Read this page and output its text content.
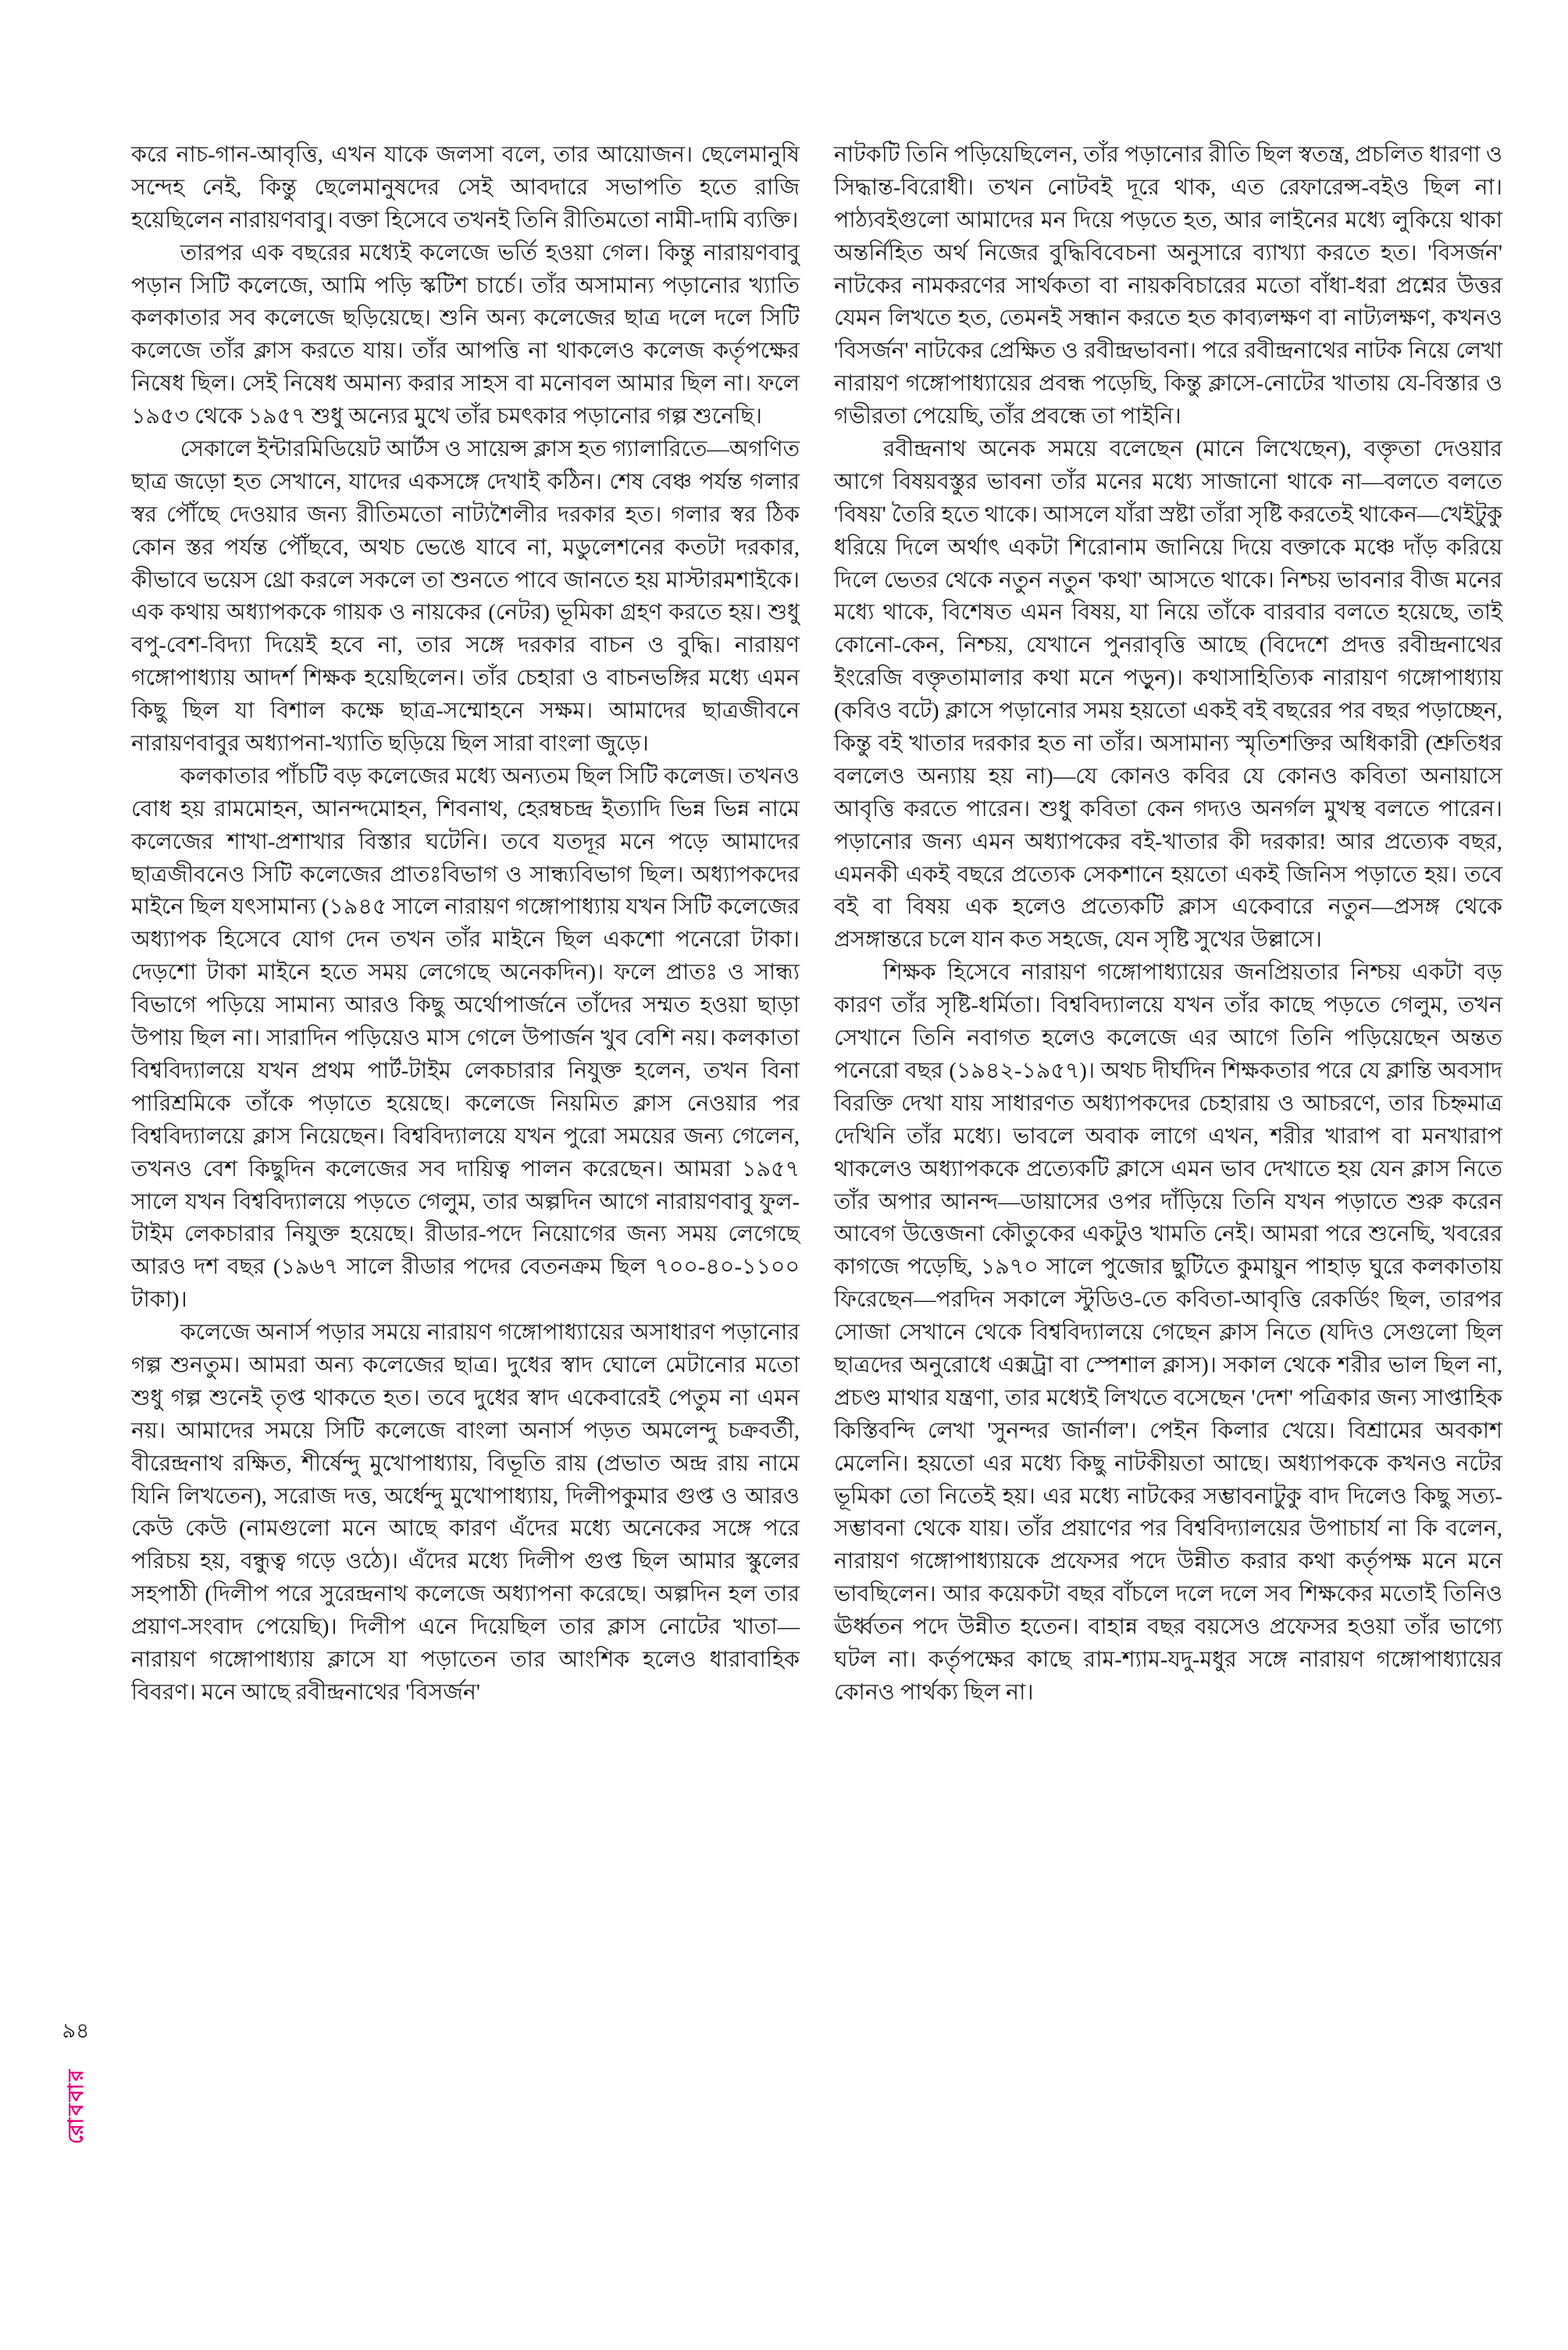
৯৪
রোববার

করে নাচ-গান-আবৃত্তি, এখন যাকে জলসা বলে, তার আয়োজন। ছেলেমানুষি সন্দেহ নেই, কিন্তু ছেলেমানুষদের সেই আবদারে সভাপতি হতে রাজি হয়েছিলেন নারায়ণবাবু। বক্তা হিসেবে তখনই তিনি রীতিমতো নামী-দামি ব্যক্তি।

তারপর এক বছরের মধ্যেই কলেজে ভর্তি হওয়া গেল। কিন্তু নারায়ণবাবু পড়ান সিটি কলেজে, আমি পড়ি স্কটিশ চার্চে। তাঁর অসামান্য পড়ানোর খ্যাতি কলকাতার সব কলেজে ছড়িয়েছে। শুনি অন্য কলেজের ছাত্র দলে দলে সিটি কলেজে তাঁর ক্লাস করতে যায়। তাঁর আপত্তি না থাকলেও কলেজ কর্তৃপক্ষের নিষেধ ছিল। সেই নিষেধ অমান্য করার সাহস বা মনোবল আমার ছিল না। ফলে ১৯৫৩ থেকে ১৯৫৭ শুধু অন্যের মুখে তাঁর চমৎকার পড়ানোর গল্প শুনেছি।

সেকালে ইন্টারমিডিয়েট আর্টস ও সায়েন্স ক্লাস হত গ্যালারিতে—অগণিত ছাত্র জড়ো হত সেখানে, যাদের একসঙ্গে দেখাই কঠিন। শেষ বেঞ্চ পর্যন্ত গলার স্বর পৌঁছে দেওয়ার জন্য রীতিমতো নাট্যশৈলীর দরকার হত। গলার স্বর ঠিক কোন স্তর পর্যন্ত পৌঁছবে, অথচ ভেঙে যাবে না, মডুলেশনের কতটা দরকার, কীভাবে ভয়েস থ্রো করলে সকলে তা শুনতে পাবে জানতে হয় মাস্টারমশাইকে। এক কথায় অধ্যাপককে গায়ক ও নায়কের (নেটর) ভূমিকা গ্রহণ করতে হয়। শুধু বপু-বেশ-বিদ্যা দিয়েই হবে না, তার সঙ্গে দরকার বাচন ও বুদ্ধি। নারায়ণ গঙ্গোপাধ্যায় আদর্শ শিক্ষক হয়েছিলেন। তাঁর চেহারা ও বাচনভঙ্গির মধ্যে এমন কিছু ছিল যা বিশাল কক্ষে ছাত্র-সম্মোহনে সক্ষম। আমাদের ছাত্রজীবনে নারায়ণবাবুর অধ্যাপনা-খ্যাতি ছড়িয়ে ছিল সারা বাংলা জুড়ে।

কলকাতার পাঁচটি বড় কলেজের মধ্যে অন্যতম ছিল সিটি কলেজ। তখনও বোধ হয় রামমোহন, আনন্দমোহন, শিবনাথ, হেরম্বচন্দ্র ইত্যাদি ভিন্ন ভিন্ন নামে কলেজের শাখা-প্রশাখার বিস্তার ঘটেনি। তবে যতদূর মনে পড়ে আমাদের ছাত্রজীবনেও সিটি কলেজের প্রাতঃবিভাগ ও সান্ধ্যবিভাগ ছিল। অধ্যাপকদের মাইনে ছিল যৎসামান্য (১৯৪৫ সালে নারায়ণ গঙ্গোপাধ্যায় যখন সিটি কলেজের অধ্যাপক হিসেবে যোগ দেন তখন তাঁর মাইনে ছিল একশো পনেরো টাকা। দেড়শো টাকা মাইনে হতে সময় লেগেছে অনেকদিন)। ফলে প্রাতঃ ও সান্ধ্য বিভাগে পড়িয়ে সামান্য আরও কিছু অর্থোপার্জনে তাঁদের সম্মত হওয়া ছাড়া উপায় ছিল না। সারাদিন পড়িয়েও মাস গেলে উপার্জন খুব বেশি নয়। কলকাতা বিশ্ববিদ্যালয়ে যখন প্রথম পার্ট-টাইম লেকচারার নিযুক্ত হলেন, তখন বিনা পারিশ্রমিকে তাঁকে পড়াতে হয়েছে। কলেজে নিয়মিত ক্লাস নেওয়ার পর বিশ্ববিদ্যালয়ে ক্লাস নিয়েছেন। বিশ্ববিদ্যালয়ে যখন পুরো সময়ের জন্য গেলেন, তখনও বেশ কিছুদিন কলেজের সব দায়িত্ব পালন করেছেন। আমরা ১৯৫৭ সালে যখন বিশ্ববিদ্যালয়ে পড়তে গেলুম, তার অল্পদিন আগে নারায়ণবাবু ফুল-টাইম লেকচারার নিযুক্ত হয়েছে। রীডার-পদে নিয়োগের জন্য সময় লেগেছে আরও দশ বছর (১৯৬৭ সালে রীডার পদের বেতনক্রম ছিল ৭০০-৪০-১১০০ টাকা)।

কলেজে অনার্স পড়ার সময়ে নারায়ণ গঙ্গোপাধ্যায়ের অসাধারণ পড়ানোর গল্প শুনতুম। আমরা অন্য কলেজের ছাত্র। দুধের স্বাদ ঘোলে মেটানোর মতো শুধু গল্প শুনেই তৃপ্ত থাকতে হত। তবে দুধের স্বাদ একেবারেই পেতুম না এমন নয়। আমাদের সময়ে সিটি কলেজে বাংলা অনার্স পড়ত অমলেন্দু চক্রবর্তী, বীরেন্দ্রনাথ রক্ষিত, শীর্ষেন্দু মুখোপাধ্যায়, বিভূতি রায় (প্রভাত অন্দ্র রায় নামে যিনি লিখতেন), সরোজ দত্ত, অর্ধেন্দু মুখোপাধ্যায়, দিলীপকুমার গুপ্ত ও আরও কেউ কেউ (নামগুলো মনে আছে কারণ এঁদের মধ্যে অনেকের সঙ্গে পরে পরিচয় হয়, বন্ধুত্ব গড়ে ওঠে)। এঁদের মধ্যে দিলীপ গুপ্ত ছিল আমার স্কুলের সহপাঠী (দিলীপ পরে সুরেন্দ্রনাথ কলেজে অধ্যাপনা করেছে। অল্পদিন হল তার প্রয়াণ-সংবাদ পেয়েছি)। দিলীপ এনে দিয়েছিল তার ক্লাস নোটের খাতা—নারায়ণ গঙ্গোপাধ্যায় ক্লাসে যা পড়াতেন তার আংশিক হলেও ধারাবাহিক বিবরণ। মনে আছে রবীন্দ্রনাথের 'বিসর্জন'

নাটকটি তিনি পড়িয়েছিলেন, তাঁর পড়ানোর রীতি ছিল স্বতন্ত্র, প্রচলিত ধারণা ও সিদ্ধান্ত-বিরোধী। তখন নোটবই দূরে থাক, এত রেফারেন্স-বইও ছিল না। পাঠ্যবইগুলো আমাদের মন দিয়ে পড়তে হত, আর লাইনের মধ্যে লুকিয়ে থাকা অন্তর্নিহিত অর্থ নিজের বুদ্ধিবিবেচনা অনুসারে ব্যাখ্যা করতে হত। 'বিসর্জন' নাটকের নামকরণের সার্থকতা বা নায়কবিচারের মতো বাঁধা-ধরা প্রশ্নের উত্তর যেমন লিখতে হত, তেমনই সন্ধান করতে হত কাব্যলক্ষণ বা নাট্যলক্ষণ, কখনও 'বিসর্জন' নাটকের প্রেক্ষিত ও রবীন্দ্রভাবনা। পরে রবীন্দ্রনাথের নাটক নিয়ে লেখা নারায়ণ গঙ্গোপাধ্যায়ের প্রবন্ধ পড়েছি, কিন্তু ক্লাসে-নোটের খাতায় যে-বিস্তার ও গভীরতা পেয়েছি, তাঁর প্রবন্ধে তা পাইনি।

রবীন্দ্রনাথ অনেক সময়ে বলেছেন (মানে লিখেছেন), বক্তৃতা দেওয়ার আগে বিষয়বস্তুর ভাবনা তাঁর মনের মধ্যে সাজানো থাকে না—বলতে বলতে 'বিষয়' তৈরি হতে থাকে। আসলে যাঁরা স্রষ্টা তাঁরা সৃষ্টি করতেই থাকেন—খেইটুকু ধরিয়ে দিলে অর্থাৎ একটা শিরোনাম জানিয়ে দিয়ে বক্তাকে মঞ্চে দাঁড় করিয়ে দিলে ভেতর থেকে নতুন নতুন 'কথা' আসতে থাকে। নিশ্চয় ভাবনার বীজ মনের মধ্যে থাকে, বিশেষত এমন বিষয়, যা নিয়ে তাঁকে বারবার বলতে হয়েছে, তাই কোনো-কেন, নিশ্চয়, যেখানে পুনরাবৃত্তি আছে (বিদেশে প্রদত্ত রবীন্দ্রনাথের ইংরেজি বক্তৃতামালার কথা মনে পড়ুন)। কথাসাহিত্যিক নারায়ণ গঙ্গোপাধ্যায় (কবিও বটে) ক্লাসে পড়ানোর সময় হয়তো একই বই বছরের পর বছর পড়াচ্ছেন, কিন্তু বই খাতার দরকার হত না তাঁর। অসামান্য স্মৃতিশক্তির অধিকারী (শ্রুতিধর বললেও অন্যায় হয় না)—যে কোনও কবির যে কোনও কবিতা অনায়াসে আবৃত্তি করতে পারেন। শুধু কবিতা কেন গদ্যও অনর্গল মুখস্থ বলতে পারেন। পড়ানোর জন্য এমন অধ্যাপকের বই-খাতার কী দরকার! আর প্রত্যেক বছর, এমনকী একই বছরে প্রত্যেক সেকশানে হয়তো একই জিনিস পড়াতে হয়। তবে বই বা বিষয় এক হলেও প্রত্যেকটি ক্লাস একেবারে নতুন—প্রসঙ্গ থেকে প্রসঙ্গান্তরে চলে যান কত সহজে, যেন সৃষ্টি সুখের উল্লাসে।

শিক্ষক হিসেবে নারায়ণ গঙ্গোপাধ্যায়ের জনপ্রিয়তার নিশ্চয় একটা বড় কারণ তাঁর সৃষ্টি-ধর্মিতা। বিশ্ববিদ্যালয়ে যখন তাঁর কাছে পড়তে গেলুম, তখন সেখানে তিনি নবাগত হলেও কলেজে এর আগে তিনি পড়িয়েছেন অন্তত পনেরো বছর (১৯৪২-১৯৫৭)। অথচ দীর্ঘদিন শিক্ষকতার পরে যে ক্লান্তি অবসাদ বিরক্তি দেখা যায় সাধারণত অধ্যাপকদের চেহারায় ও আচরণে, তার চিহ্নমাত্র দেখিনি তাঁর মধ্যে। ভাবলে অবাক লাগে এখন, শরীর খারাপ বা মনখারাপ থাকলেও অধ্যাপককে প্রত্যেকটি ক্লাসে এমন ভাব দেখাতে হয় যেন ক্লাস নিতে তাঁর অপার আনন্দ—ডায়াসের ওপর দাঁড়িয়ে তিনি যখন পড়াতে শুরু করেন আবেগ উত্তেজনা কৌতুকের একটুও খামতি নেই। আমরা পরে শুনেছি, খবরের কাগজে পড়েছি, ১৯৭০ সালে পুজোর ছুটিতে কুমায়ুন পাহাড় ঘুরে কলকাতায় ফিরেছেন—পরদিন সকালে স্টুডিও-তে কবিতা-আবৃত্তি রেকর্ডিং ছিল, তারপর সোজা সেখানে থেকে বিশ্ববিদ্যালয়ে গেছেন ক্লাস নিতে (যদিও সেগুলো ছিল ছাত্রদের অনুরোধে এক্সট্রা বা স্পেশাল ক্লাস)। সকাল থেকে শরীর ভাল ছিল না, প্রচণ্ড মাথার যন্ত্রণা, তার মধ্যেই লিখতে বসেছেন 'দেশ' পত্রিকার জন্য সাপ্তাহিক কিস্তিবন্দি লেখা 'সুনন্দর জার্নাল'। পেইন কিলার খেয়ে। বিশ্রামের অবকাশ মেলেনি। হয়তো এর মধ্যে কিছু নাটকীয়তা আছে। অধ্যাপককে কখনও নটের ভূমিকা তো নিতেই হয়। এর মধ্যে নাটকের সম্ভাবনাটুকু বাদ দিলেও কিছু সত্য-সম্ভাবনা থেকে যায়। তাঁর প্রয়াণের পর বিশ্ববিদ্যালয়ের উপাচার্য না কি বলেন, নারায়ণ গঙ্গোপাধ্যায়কে প্রফেসর পদে উন্নীত করার কথা কর্তৃপক্ষ মনে মনে ভাবছিলেন। আর কয়েকটা বছর বাঁচলে দলে দলে সব শিক্ষকের মতোই তিনিও ঊর্ধ্বতন পদে উন্নীত হতেন। বাহান্ন বছর বয়সেও প্রফেসর হওয়া তাঁর ভাগ্যে ঘটল না। কর্তৃপক্ষের কাছে রাম-শ্যাম-যদু-মধুর সঙ্গে নারায়ণ গঙ্গোপাধ্যায়ের কোনও পার্থক্য ছিল না।
